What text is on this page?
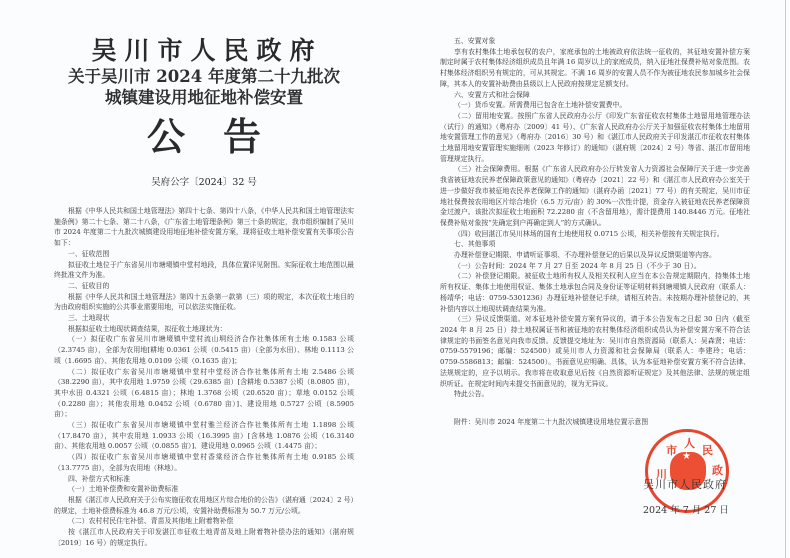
吴川市人民政府
关于吴川市 2024 年度第二十九批次
城镇建设用地征地补偿安置
公告
吴府公字〔2024〕32 号

根据《中华人民共和国土地管理法》第四十七条、第四十八条，《中华人民共和国土地管理法实施条例》第二十七条、第二十八条，《广东省土地管理条例》第三十条的规定，我市组织编制了吴川市 2024 年度第二十九批次城镇建设用地征地补偿安置方案，现将征收土地补偿安置有关事项公告如下：

一、征收范围

拟征收土地位于广东省吴川市塘㙍镇中堂村地段，具体位置详见附图。实际征收土地范围以最终批准文件为准。

二、征收目的

根据《中华人民共和国土地管理法》第四十五条第一款第（三）项的规定，本次征收土地目的为由政府组织实施的公共事业需要用地，可以依法实施征收。

三、土地现状

根据拟征收土地现状调查结果，拟征收土地现状为：

（一）拟征收广东省吴川市塘㙍镇中堂村流山垌经济合作社集体所有土地 0.1583 公顷（2.3745 亩），全部为农用地[耕地 0.0361 公顷（0.5415 亩）（全部为水田）、林地 0.1113 公顷（1.6695 亩）、其他农用地 0.0109 公顷（0.1635 亩）]；

（二）拟征收广东省吴川市塘㙍镇中堂村中堂经济合作社集体所有土地 2.5486 公顷（38.2290 亩），其中农用地 1.9759 公顷（29.6385 亩）[含耕地 0.5387 公顷（8.0805 亩），其中水田 0.4321 公顷（6.4815 亩）；林地 1.3768 公顷（20.6520 亩）；草地 0.0152 公顷（0.2280 亩）；其他农用地 0.0452 公顷（0.6780 亩）]、建设用地 0.5727 公顷（8.5905 亩）；

（三）拟征收广东省吴川市塘㙍镇中堂村雅兰经济合作社集体所有土地 1.1898 公顷（17.8470 亩），其中农用地 1.0933 公顷（16.3995 亩）[含林地 1.0876 公顷（16.3140 亩）、其他农用地 0.0057 公顷（0.0855 亩）]、建设用地 0.0965 公顷（1.4475 亩）；

（四）拟征收广东省吴川市塘㙍镇中堂村香棠经济合作社集体所有土地 0.9185 公顷（13.7775 亩），全部为农用地（林地）。

四、补偿方式和标准

（一）土地补偿费和安置补助费标准

根据《湛江市人民政府关于公布实施征收农用地区片综合地价的公告》（湛府通〔2024〕2 号）的规定，土地补偿费标准为 46.8 万元/公顷，安置补助费标准为 50.7 万元/公顷。

（二）农村村民住宅补偿、青苗及其他地上附着物补偿

按《湛江市人民政府关于印发湛江市征收土地青苗及地上附着物补偿办法的通知》（湛府规〔2019〕16 号）的规定执行。

五、安置对象

享有农村集体土地承包权的农户，家庭承包的土地被政府依法统一征收的，其征地安置补偿方案制定时属于农村集体经济组织成员且年满 16 周岁以上的家庭成员，纳入征地社保费补贴对象范围。农村集体经济组织另有规定的，可从其规定。不满 16 周岁的安置人员不作为被征地农民参加城乡社会保障，其本人的安置补助费由县级以上人民政府按规定足额支付。

六、安置方式和社会保障

（一）货币安置。所需费用已包含在土地补偿安置费中。

（二）留用地安置。按照广东省人民政府办公厅《印发广东省征收农村集体土地留用地管理办法（试行）的通知》（粤府办〔2009〕41 号）、《广东省人民政府办公厅关于加强征收农村集体土地留用地安置管理工作的意见》（粤府办〔2016〕30 号）和《湛江市人民政府关于印发湛江市征收农村集体土地留用地安置管理实施细则（2023 年修订）的通知》（湛府规〔2024〕2 号）等省、湛江市留用地管理规定执行。

（三）社会保障费用。根据《广东省人民政府办公厅转发省人力资源社会保障厅关于进一步完善我省被征地农民养老保障政策意见的通知》（粤府办〔2021〕22 号）和《湛江市人民政府办公室关于进一步做好我市被征地农民养老保障工作的通知》（湛府办函〔2021〕77 号）的有关规定，吴川市征地社保费按农用地区片综合地价（6.5 万元/亩）的 30%一次性计提，资金存入被征地农民养老保障资金过渡户。该批次拟征收土地面积 72.2280 亩（不含留用地），需计提费用 140.8446 万元。征地社保费补贴对象按“先确定到户再确定到人”的方式确认。

（四）收回湛江市吴川林场的国有土地使用权 0.0715 公顷，相关补偿按有关规定执行。

七、其他事项

办理补偿登记期限、申请听证事项、不办理补偿登记的后果以及异议反馈渠道等内容。

（一）公告时间：2024 年 7 月 27 日至 2024 年 8 月 25 日（不少于 30 日）。

（二）补偿登记期限。被征收土地所有权人及相关权利人应当在本公告规定期限内，持集体土地所有权证、集体土地使用权证、集体土地承包合同及身份证等证明材料到塘㙍镇人民政府（联系人：杨靖华；电话：0759-5301236）办理征地补偿登记手续，请相互转告。未按期办理补偿登记的，其补偿内容以土地现状调查结果为准。

（三）异议反馈渠道。对本征地补偿安置方案有异议的，请于本公告发布之日起 30 日内（截至 2024 年 8 月 25 日）持土地权属证书和被征地的农村集体经济组织成员认为补偿安置方案不符合法律规定的书面签名意见向我市反馈。反馈提交地址为：吴川市自然资源局（联系人：吴森贤；电话：0759-5579196；邮编：524500）或吴川市人力资源和社会保障局（联系人：李建玲；电话：0759-5586813；邮编：524500）。书面意见应明确、具体，认为本征地补偿安置方案不符合法律、法规规定的，应予以明示。我市将在收取意见后按《自然资源听证规定》及其他法律、法规的规定组织听证。在规定时间内未提交书面意见的，视为无异议。

特此公告。

附件：吴川市 2024 年度第二十九批次城镇建设用地位置示意图
★
川
市
人
民
政
吴川市人民政府
2024 年 7 月 27 日
